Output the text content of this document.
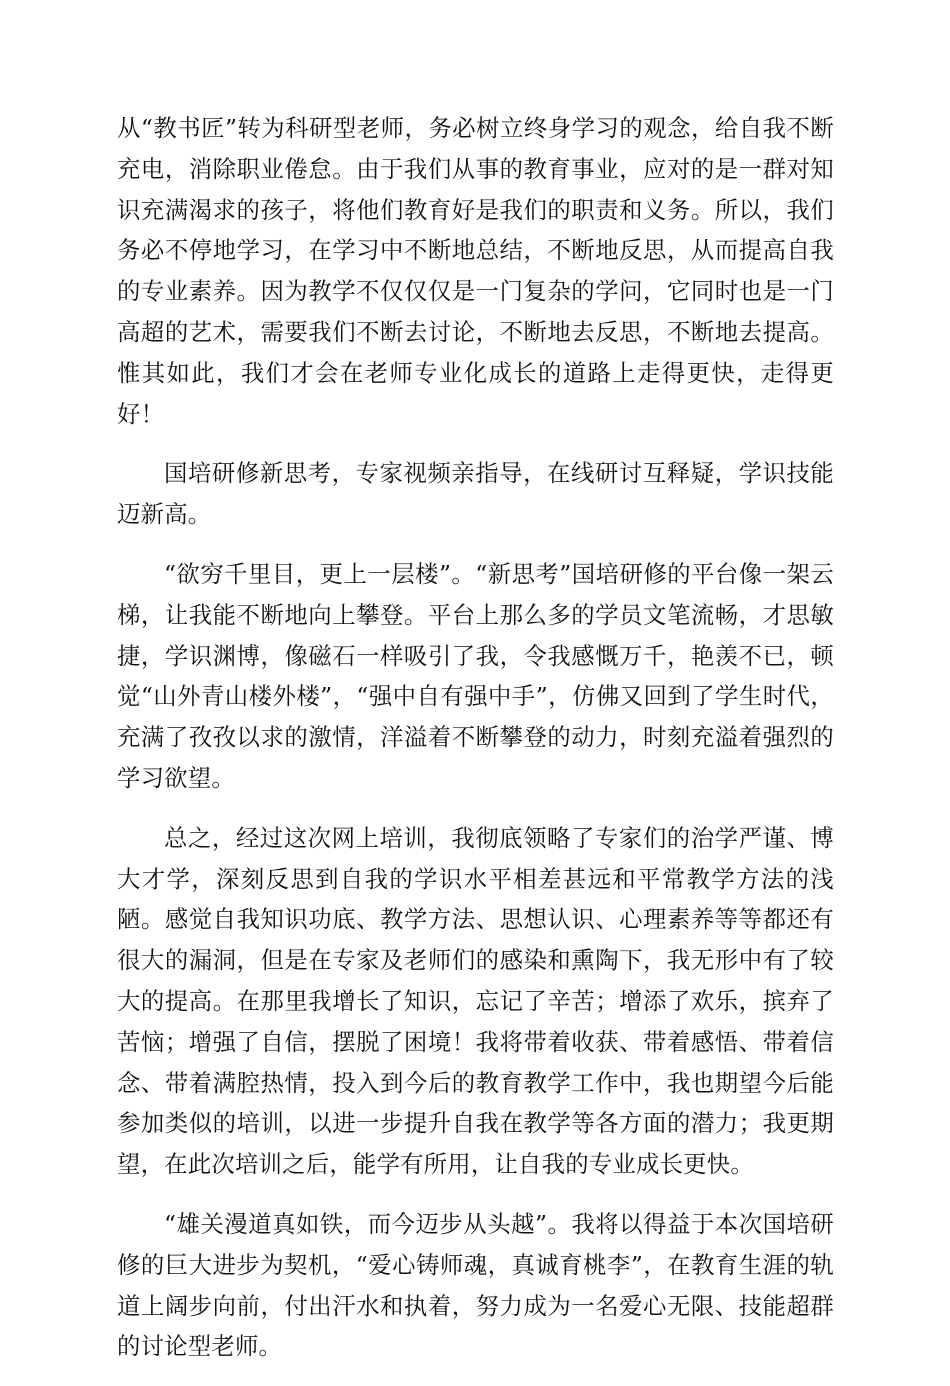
从“教书匠”转为科研型老师，务必树立终身学习的观念，给自我不断充电，消除职业倦怠。由于我们从事的教育事业，应对的是一群对知识充满渴求的孩子，将他们教育好是我们的职责和义务。所以，我们务必不停地学习，在学习中不断地总结，不断地反思，从而提高自我的专业素养。因为教学不仅仅仅是一门复杂的学问，它同时也是一门高超的艺术，需要我们不断去讨论，不断地去反思，不断地去提高。惟其如此，我们才会在老师专业化成长的道路上走得更快，走得更好！

国培研修新思考，专家视频亲指导，在线研讨互释疑，学识技能迈新高。

“欲穷千里目，更上一层楼”。“新思考”国培研修的平台像一架云梯，让我能不断地向上攀登。平台上那么多的学员文笔流畅，才思敏捷，学识渊博，像磁石一样吸引了我，令我感慨万千，艳羡不已，顿觉“山外青山楼外楼”，“强中自有强中手”，仿佛又回到了学生时代，充满了孜孜以求的激情，洋溢着不断攀登的动力，时刻充溢着强烈的学习欲望。

总之，经过这次网上培训，我彻底领略了专家们的治学严谨、博大才学，深刻反思到自我的学识水平相差甚远和平常教学方法的浅陋。感觉自我知识功底、教学方法、思想认识、心理素养等等都还有很大的漏洞，但是在专家及老师们的感染和熏陶下，我无形中有了较大的提高。在那里我增长了知识，忘记了辛苦；增添了欢乐，摈弃了苦恼；增强了自信，摆脱了困境！我将带着收获、带着感悟、带着信念、带着满腔热情，投入到今后的教育教学工作中，我也期望今后能参加类似的培训，以进一步提升自我在教学等各方面的潜力；我更期望，在此次培训之后，能学有所用，让自我的专业成长更快。

“雄关漫道真如铁，而今迈步从头越”。我将以得益于本次国培研修的巨大进步为契机，“爱心铸师魂，真诚育桃李”，在教育生涯的轨道上阔步向前，付出汗水和执着，努力成为一名爱心无限、技能超群的讨论型老师。
